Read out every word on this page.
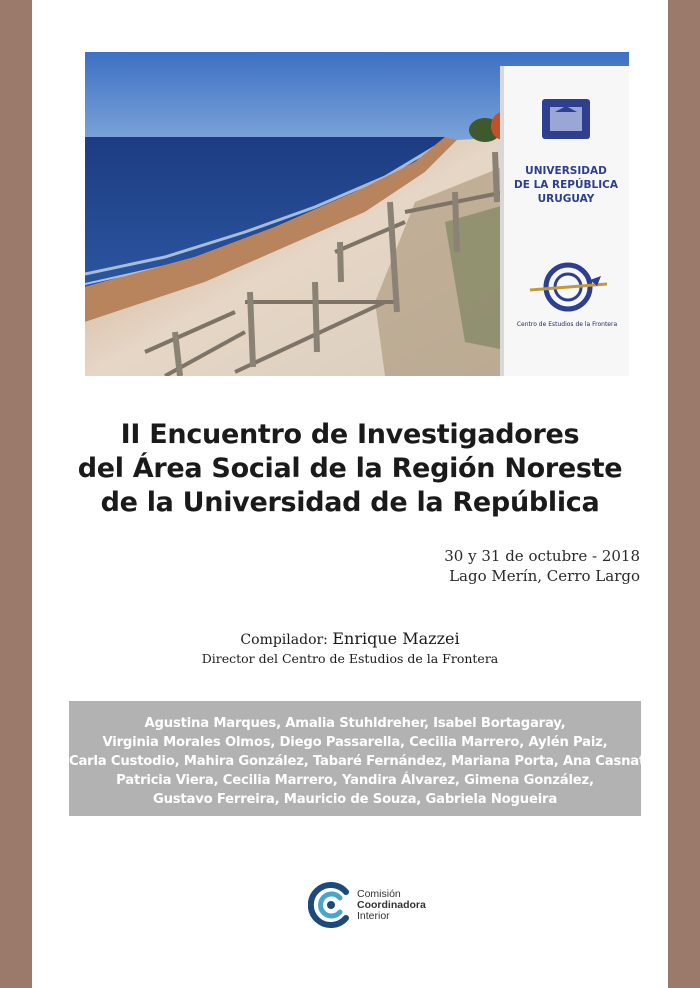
UNIVERSIDAD
DE LA REPÚBLICA
URUGUAY
Centro de Estudios de la Frontera
II Encuentro de Investigadores
del Área Social de la Región Noreste
de la Universidad de la República
30 y 31 de octubre - 2018
Lago Merín, Cerro Largo
Compilador: Enrique Mazzei
Director del Centro de Estudios de la Frontera
Agustina Marques, Amalia Stuhldreher, Isabel Bortagaray,
Virginia Morales Olmos, Diego Passarella, Cecilia Marrero, Aylén Paiz,
Carla Custodio, Mahira González, Tabaré Fernández, Mariana Porta, Ana Casnati,
Patricia Viera, Cecilia Marrero, Yandira Álvarez, Gimena González,
Gustavo Ferreira, Mauricio de Souza, Gabriela Nogueira
Comisión
Coordinadora
Interior
